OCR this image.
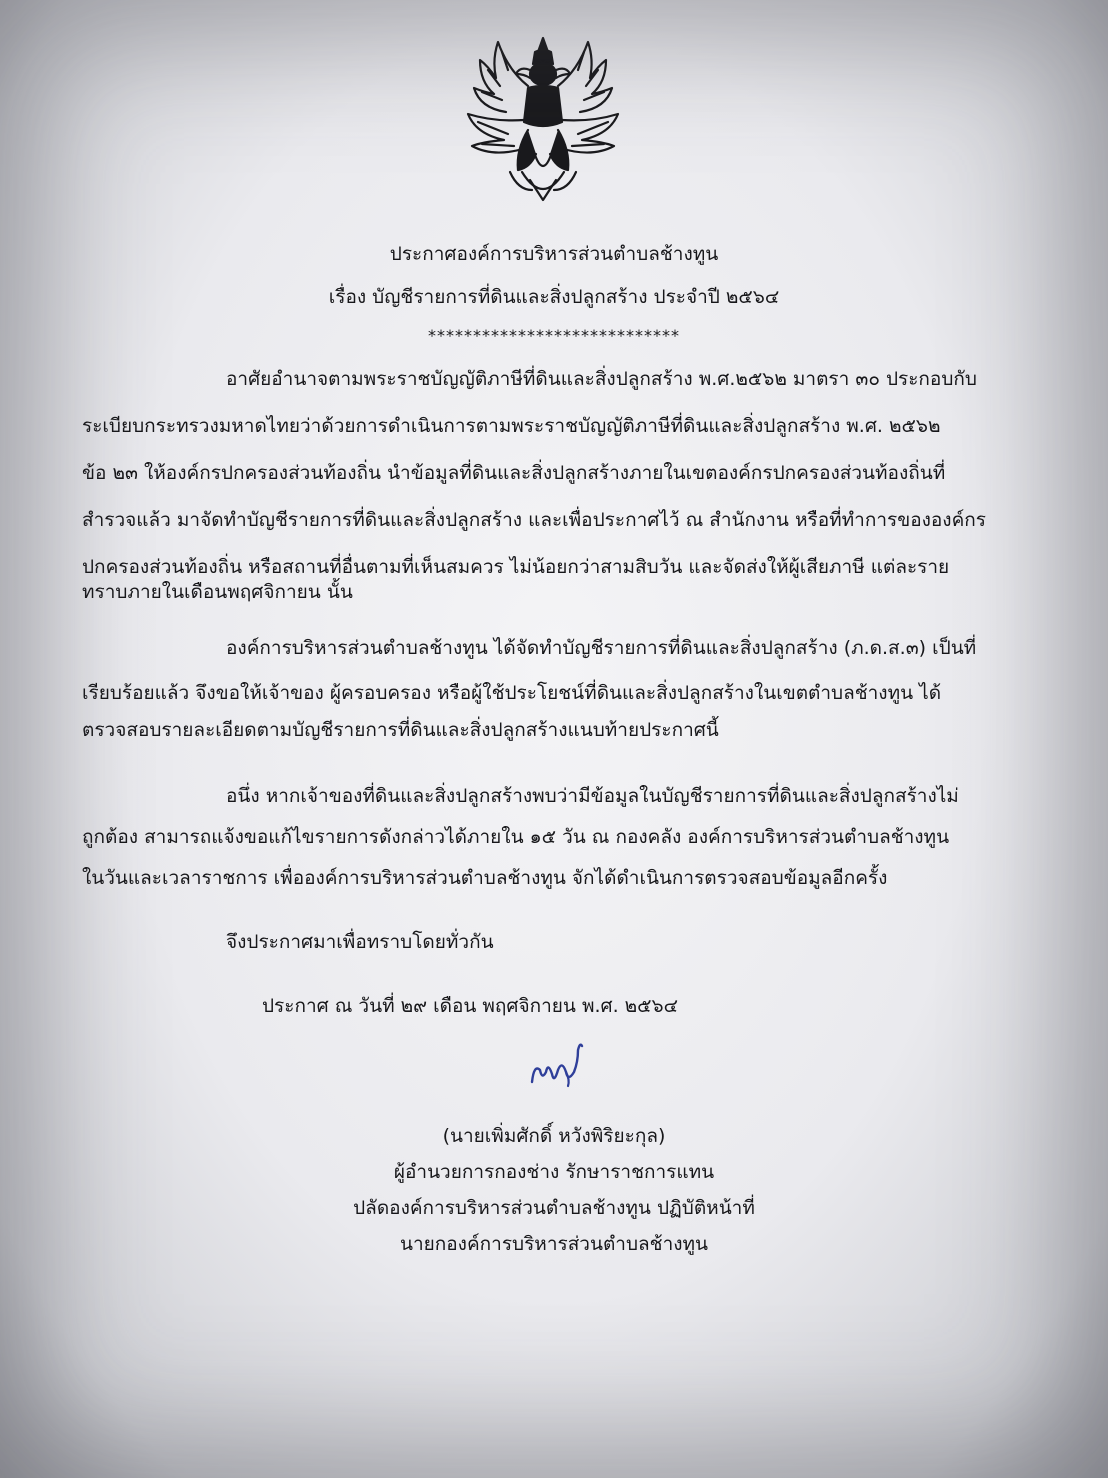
ประกาศองค์การบริหารส่วนตำบลช้างทูน
เรื่อง บัญชีรายการที่ดินและสิ่งปลูกสร้าง ประจำปี ๒๕๖๔
****************************
อาศัยอำนาจตามพระราชบัญญัติภาษีที่ดินและสิ่งปลูกสร้าง พ.ศ.๒๕๖๒ มาตรา ๓๐ ประกอบกับ
ระเบียบกระทรวงมหาดไทยว่าด้วยการดำเนินการตามพระราชบัญญัติภาษีที่ดินและสิ่งปลูกสร้าง พ.ศ. ๒๕๖๒
ข้อ ๒๓ ให้องค์กรปกครองส่วนท้องถิ่น นำข้อมูลที่ดินและสิ่งปลูกสร้างภายในเขตองค์กรปกครองส่วนท้องถิ่นที่
สำรวจแล้ว มาจัดทำบัญชีรายการที่ดินและสิ่งปลูกสร้าง และเพื่อประกาศไว้ ณ สำนักงาน หรือที่ทำการขององค์กร
ปกครองส่วนท้องถิ่น หรือสถานที่อื่นตามที่เห็นสมควร ไม่น้อยกว่าสามสิบวัน และจัดส่งให้ผู้เสียภาษี แต่ละราย
ทราบภายในเดือนพฤศจิกายน นั้น
องค์การบริหารส่วนตำบลช้างทูน ได้จัดทำบัญชีรายการที่ดินและสิ่งปลูกสร้าง (ภ.ด.ส.๓) เป็นที่
เรียบร้อยแล้ว จึงขอให้เจ้าของ ผู้ครอบครอง หรือผู้ใช้ประโยชน์ที่ดินและสิ่งปลูกสร้างในเขตตำบลช้างทูน ได้
ตรวจสอบรายละเอียดตามบัญชีรายการที่ดินและสิ่งปลูกสร้างแนบท้ายประกาศนี้
อนึ่ง หากเจ้าของที่ดินและสิ่งปลูกสร้างพบว่ามีข้อมูลในบัญชีรายการที่ดินและสิ่งปลูกสร้างไม่
ถูกต้อง สามารถแจ้งขอแก้ไขรายการดังกล่าวได้ภายใน ๑๕ วัน ณ กองคลัง องค์การบริหารส่วนตำบลช้างทูน
ในวันและเวลาราชการ เพื่อองค์การบริหารส่วนตำบลช้างทูน จักได้ดำเนินการตรวจสอบข้อมูลอีกครั้ง
จึงประกาศมาเพื่อทราบโดยทั่วกัน
ประกาศ ณ วันที่ ๒๙ เดือน พฤศจิกายน พ.ศ. ๒๕๖๔
(นายเพิ่มศักดิ์ หวังพิริยะกุล)
ผู้อำนวยการกองช่าง รักษาราชการแทน
ปลัดองค์การบริหารส่วนตำบลช้างทูน ปฏิบัติหน้าที่
นายกองค์การบริหารส่วนตำบลช้างทูน
